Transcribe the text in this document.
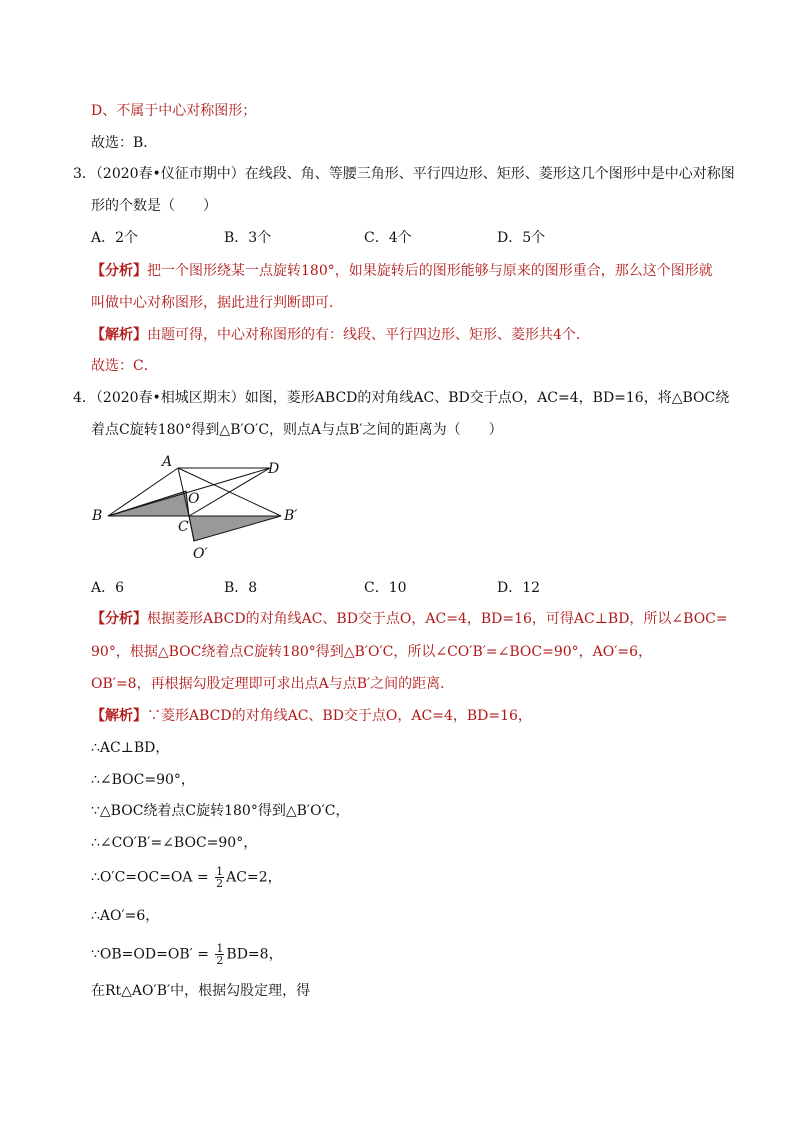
D、不属于中心对称图形；
故选：B．
3．（2020春•仪征市期中）在线段、角、等腰三角形、平行四边形、矩形、菱形这几个图形中是中心对称图
形的个数是（　　）
A．2个	B．3个	C．4个	D．5个
【分析】把一个图形绕某一点旋转180°，如果旋转后的图形能够与原来的图形重合，那么这个图形就
叫做中心对称图形，据此进行判断即可．
【解析】由题可得，中心对称图形的有：线段、平行四边形、矩形、菱形共4个．
故选：C．
4．（2020春•相城区期末）如图，菱形ABCD的对角线AC、BD交于点O，AC=4，BD=16，将△BOC绕
着点C旋转180°得到△B′O′C，则点A与点B′之间的距离为（　　）
A	D
O
B
C
B′
O′
A．6	B．8	C．10	D．12
【分析】根据菱形ABCD的对角线AC、BD交于点O，AC=4，BD=16，可得AC⊥BD，所以∠BOC=
90°，根据△BOC绕着点C旋转180°得到△B′O′C，所以∠CO′B′=∠BOC=90°，AO′=6，
OB′=8，再根据勾股定理即可求出点A与点B′之间的距离．
【解析】∵菱形ABCD的对角线AC、BD交于点O，AC=4，BD=16，
∴AC⊥BD，
∴∠BOC=90°，
∵△BOC绕着点C旋转180°得到△B′O′C，
∴∠CO′B′=∠BOC=90°，
∴O′C=OC=OA = $\frac{1}{2} AC=2$，
∴AO′=6，
∵OB=OD=OB′ = $\frac{1}{2} BD=8$，
在Rt△AO′B′中，根据勾股定理，得
